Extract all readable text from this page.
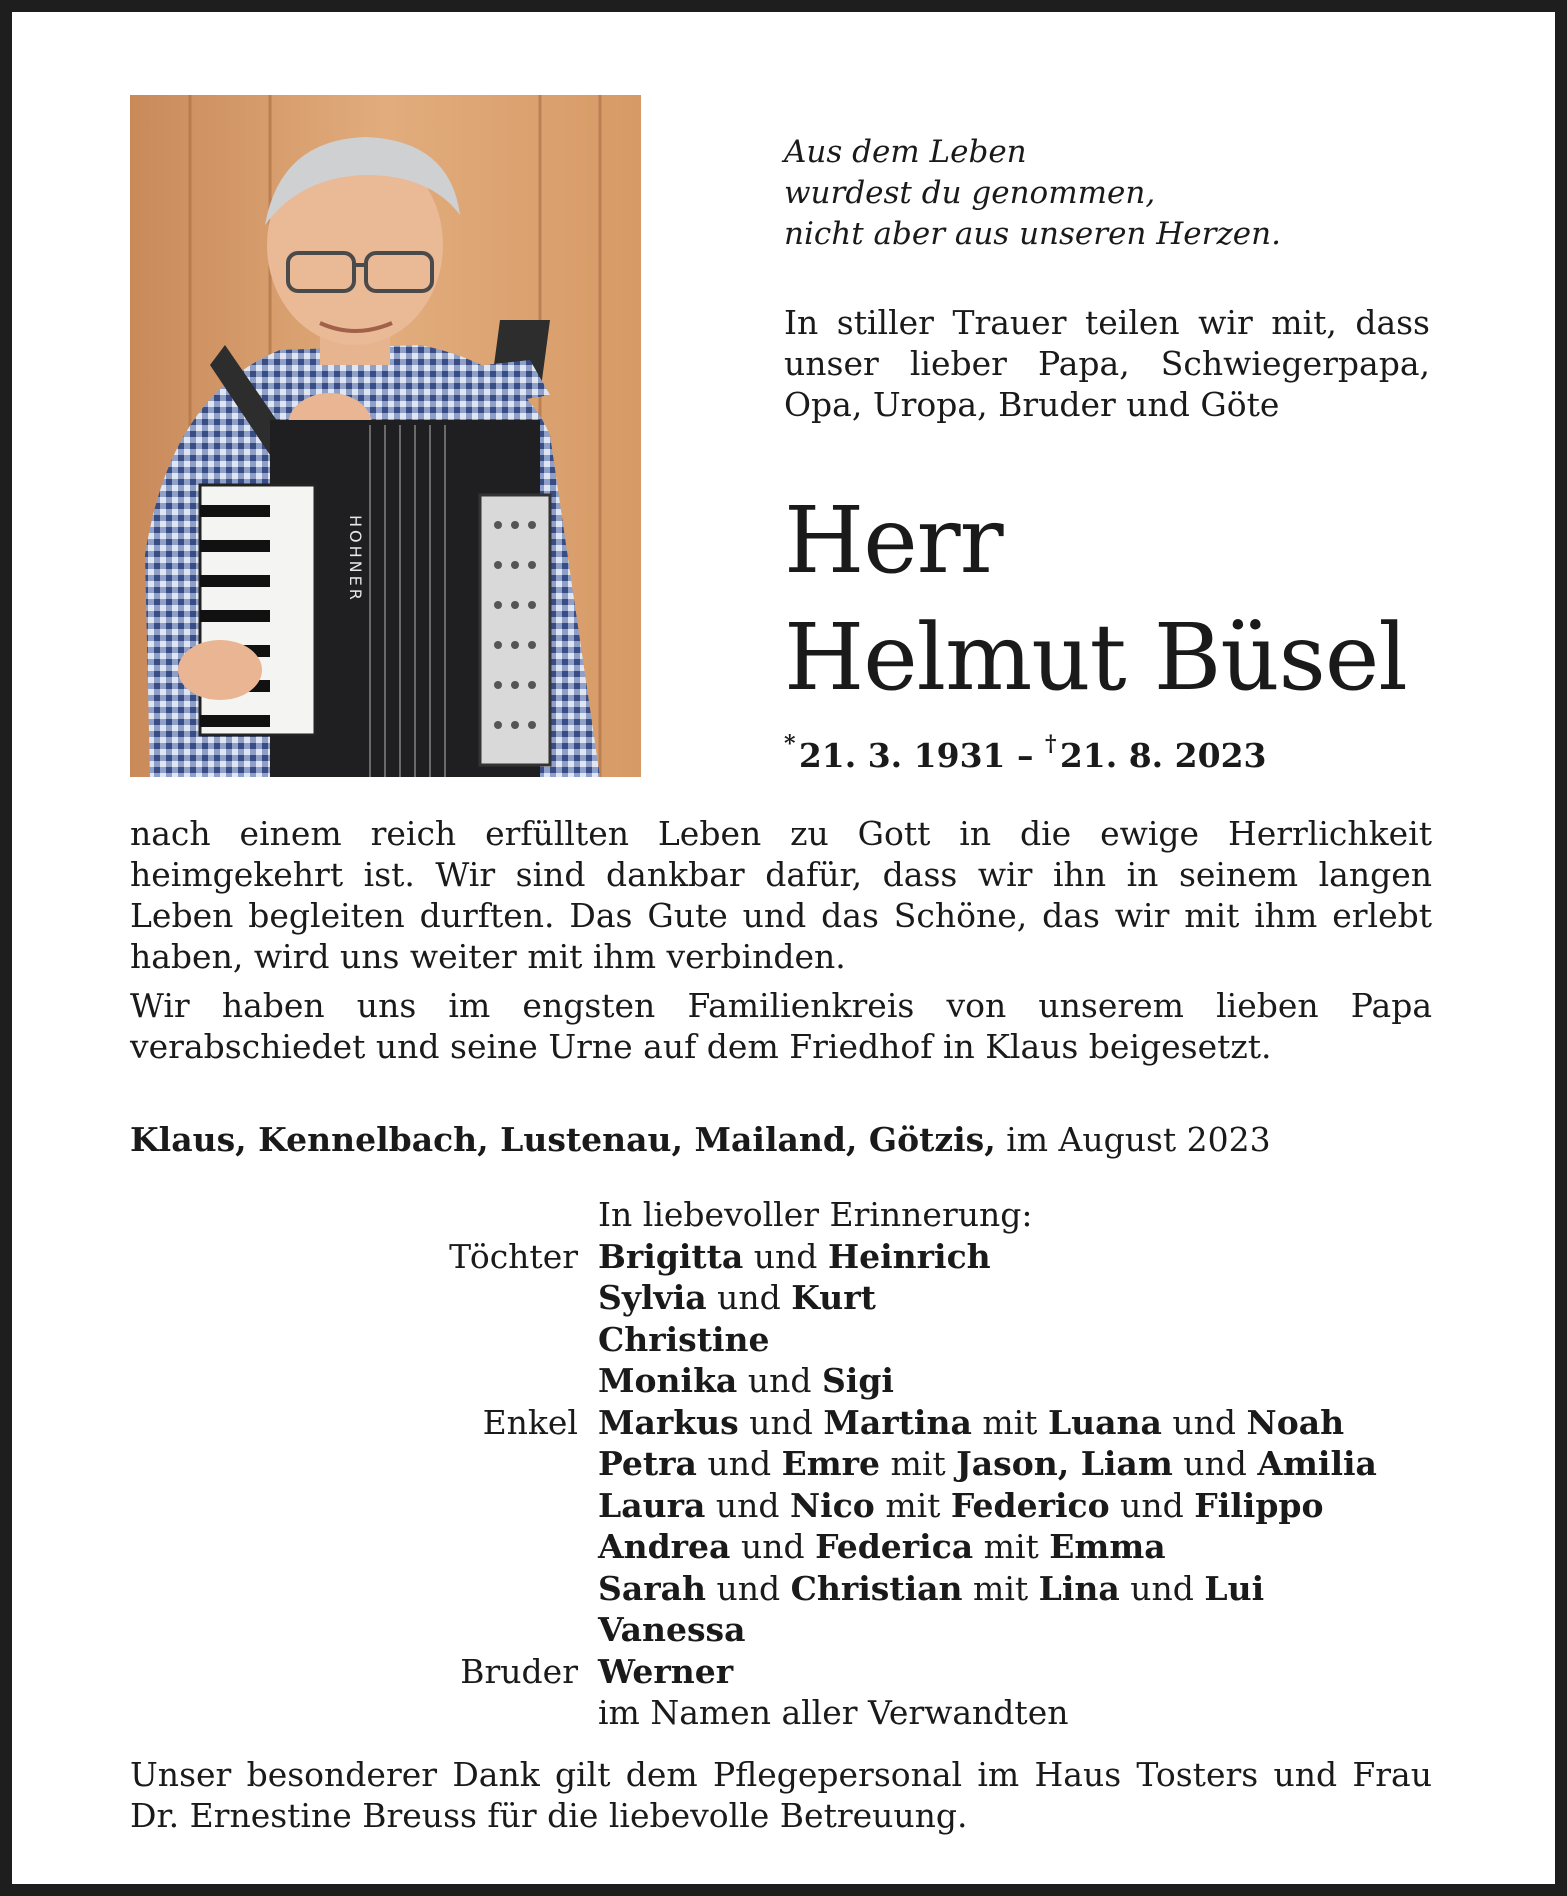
HOHNER
Aus dem Leben
wurdest du genommen,
nicht aber aus unseren Herzen.
In stiller Trauer teilen wir mit, dass unser lieber Papa, Schwiegerpapa, Opa, Uropa, Bruder und Göte
Herr
Helmut Büsel
* 21. 3. 1931 – † 21. 8. 2023

nach einem reich erfüllten Leben zu Gott in die ewige Herrlichkeit heimgekehrt ist. Wir sind dankbar dafür, dass wir ihn in seinem langen Leben begleiten durften. Das Gute und das Schöne, das wir mit ihm erlebt haben, wird uns weiter mit ihm verbinden.

Wir haben uns im engsten Familienkreis von unserem lieben Papa verabschiedet und seine Urne auf dem Friedhof in Klaus beigesetzt.

Klaus, Kennelbach, Lustenau, Mailand, Götzis, im August 2023
In liebevoller Erinnerung:
Töchter Brigitta und Heinrich
Sylvia und Kurt
Christine
Monika und Sigi
Enkel Markus und Martina mit Luana und Noah
Petra und Emre mit Jason, Liam und Amilia
Laura und Nico mit Federico und Filippo
Andrea und Federica mit Emma
Sarah und Christian mit Lina und Lui
Vanessa
Bruder Werner
im Namen aller Verwandten
Unser besonderer Dank gilt dem Pflegepersonal im Haus Tosters und Frau Dr. Ernestine Breuss für die liebevolle Betreuung.
